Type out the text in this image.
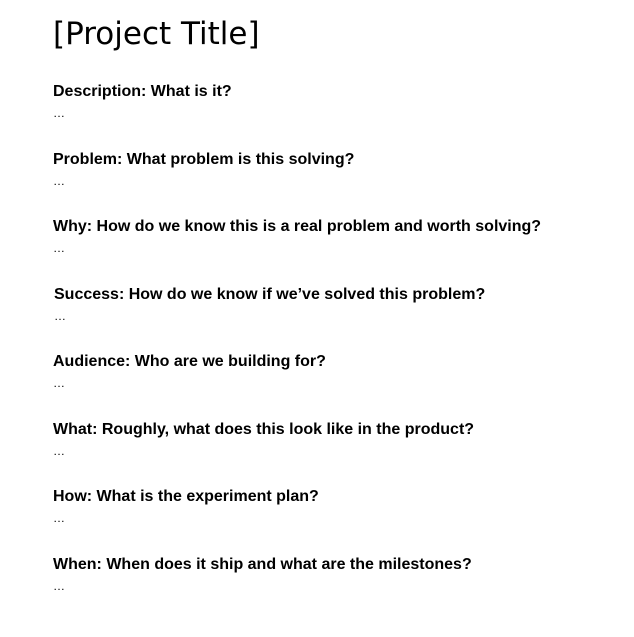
[Project Title]

Description: What is it?

…

Problem: What problem is this solving?

…

Why: How do we know this is a real problem and worth solving?

…

Success: How do we know if we’ve solved this problem?

…

Audience: Who are we building for?

…

What: Roughly, what does this look like in the product?

…

How: What is the experiment plan?

…

When: When does it ship and what are the milestones?

…
